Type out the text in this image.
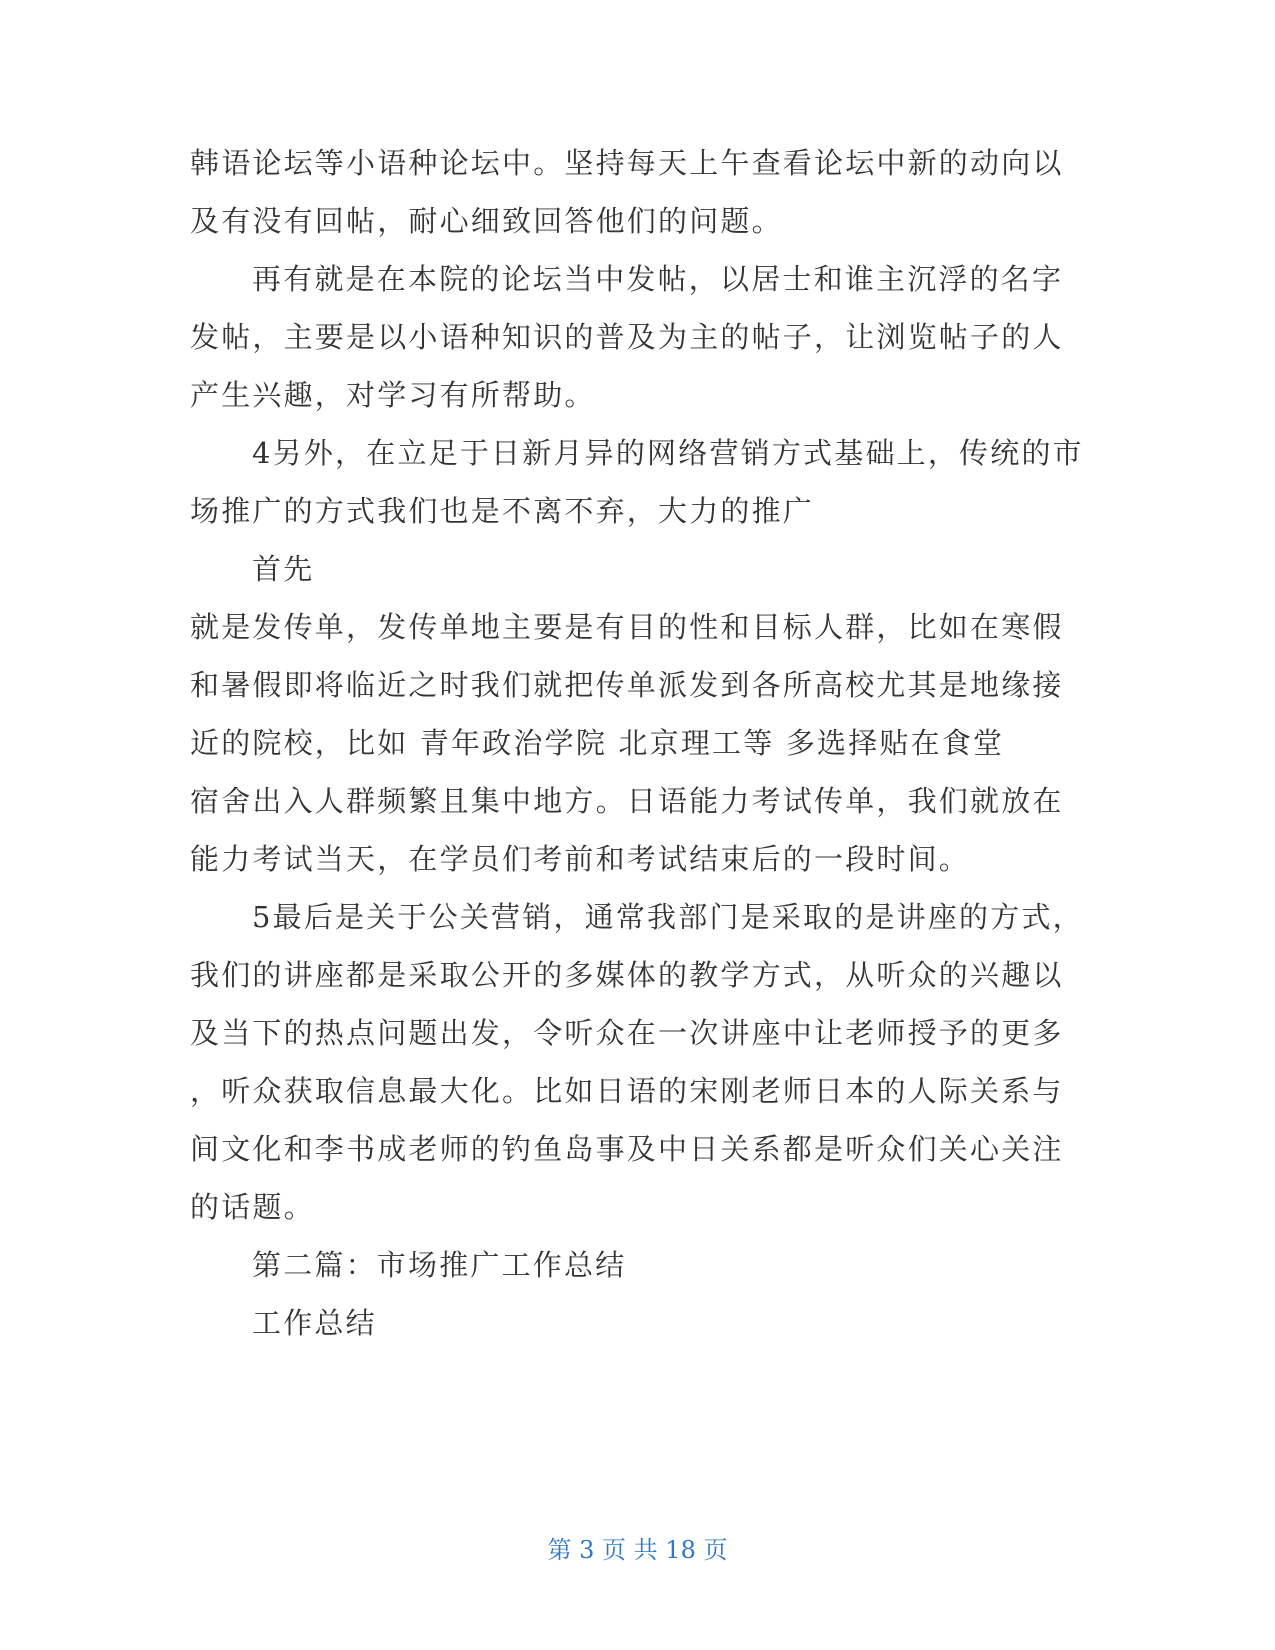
韩语论坛等小语种论坛中。坚持每天上午查看论坛中新的动向以
及有没有回帖，耐心细致回答他们的问题。
再有就是在本院的论坛当中发帖，以居士和谁主沉浮的名字
发帖，主要是以小语种知识的普及为主的帖子，让浏览帖子的人
产生兴趣，对学习有所帮助。
4另外，在立足于日新月异的网络营销方式基础上，传统的市
场推广的方式我们也是不离不弃，大力的推广
首先
就是发传单，发传单地主要是有目的性和目标人群，比如在寒假
和暑假即将临近之时我们就把传单派发到各所高校尤其是地缘接
近的院校，比如 青年政治学院 北京理工等 多选择贴在食堂
宿舍出入人群频繁且集中地方。日语能力考试传单，我们就放在
能力考试当天，在学员们考前和考试结束后的一段时间。
5最后是关于公关营销，通常我部门是采取的是讲座的方式，
我们的讲座都是采取公开的多媒体的教学方式，从听众的兴趣以
及当下的热点问题出发，令听众在一次讲座中让老师授予的更多
，听众获取信息最大化。比如日语的宋刚老师日本的人际关系与
间文化和李书成老师的钓鱼岛事及中日关系都是听众们关心关注
的话题。
第二篇：市场推广工作总结
工作总结
第 3 页 共 18 页
